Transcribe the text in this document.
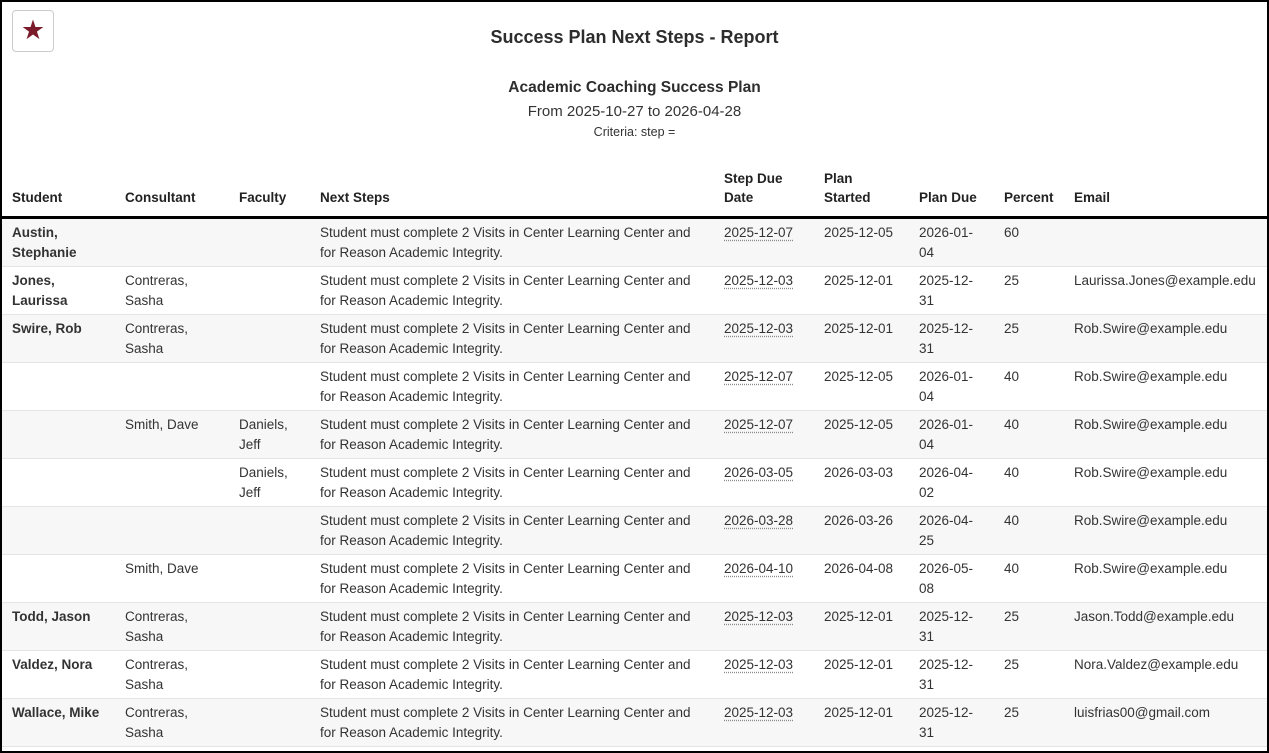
★	Success Plan Next Steps - Report
Academic Coaching Success Plan
From 2025-10-27 to 2026-04-28
Criteria: step =
Student	Consultant	Faculty	Next Steps	Step Due Date	Plan Started	Plan Due	Percent	Email
Austin, Stephanie			Student must complete 2 Visits in Center Learning Center and for Reason Academic Integrity.	2025-12-07	2025-12-05	2026-01-04	60	
Jones, Laurissa	Contreras, Sasha		Student must complete 2 Visits in Center Learning Center and for Reason Academic Integrity.	2025-12-03	2025-12-01	2025-12-31	25	Laurissa.Jones@example.edu
Swire, Rob	Contreras, Sasha		Student must complete 2 Visits in Center Learning Center and for Reason Academic Integrity.	2025-12-03	2025-12-01	2025-12-31	25	Rob.Swire@example.edu
			Student must complete 2 Visits in Center Learning Center and for Reason Academic Integrity.	2025-12-07	2025-12-05	2026-01-04	40	Rob.Swire@example.edu
	Smith, Dave	Daniels, Jeff	Student must complete 2 Visits in Center Learning Center and for Reason Academic Integrity.	2025-12-07	2025-12-05	2026-01-04	40	Rob.Swire@example.edu
		Daniels, Jeff	Student must complete 2 Visits in Center Learning Center and for Reason Academic Integrity.	2026-03-05	2026-03-03	2026-04-02	40	Rob.Swire@example.edu
			Student must complete 2 Visits in Center Learning Center and for Reason Academic Integrity.	2026-03-28	2026-03-26	2026-04-25	40	Rob.Swire@example.edu
	Smith, Dave		Student must complete 2 Visits in Center Learning Center and for Reason Academic Integrity.	2026-04-10	2026-04-08	2026-05-08	40	Rob.Swire@example.edu
Todd, Jason	Contreras, Sasha		Student must complete 2 Visits in Center Learning Center and for Reason Academic Integrity.	2025-12-03	2025-12-01	2025-12-31	25	Jason.Todd@example.edu
Valdez, Nora	Contreras, Sasha		Student must complete 2 Visits in Center Learning Center and for Reason Academic Integrity.	2025-12-03	2025-12-01	2025-12-31	25	Nora.Valdez@example.edu
Wallace, Mike	Contreras, Sasha		Student must complete 2 Visits in Center Learning Center and for Reason Academic Integrity.	2025-12-03	2025-12-01	2025-12-31	25	luisfrias00@gmail.com
